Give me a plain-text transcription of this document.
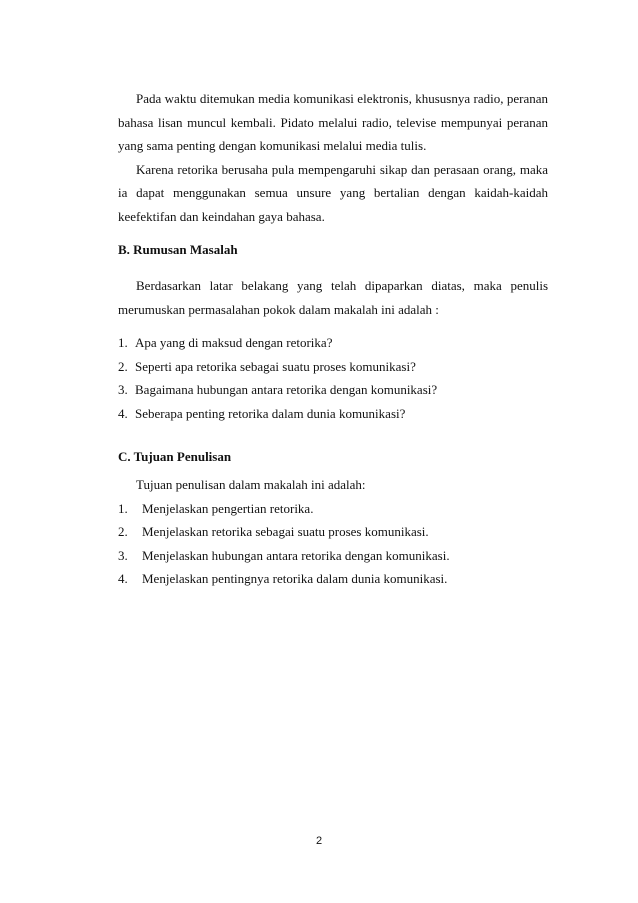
Pada waktu ditemukan media komunikasi elektronis, khususnya radio, peranan bahasa lisan muncul kembali. Pidato melalui radio, televise mempunyai peranan yang sama penting dengan komunikasi melalui media tulis.

Karena retorika berusaha pula mempengaruhi sikap dan perasaan orang, maka ia dapat menggunakan semua unsure yang bertalian dengan kaidah-kaidah keefektifan dan keindahan gaya bahasa.

B. Rumusan Masalah

Berdasarkan latar belakang yang telah dipaparkan diatas, maka penulis merumuskan permasalahan pokok dalam makalah ini adalah :

1. Apa yang di maksud dengan retorika?
2. Seperti apa retorika sebagai suatu proses komunikasi?
3. Bagaimana hubungan antara retorika dengan komunikasi?
4. Seberapa penting retorika dalam dunia komunikasi?

C. Tujuan Penulisan

Tujuan penulisan dalam makalah ini adalah:

1. Menjelaskan pengertian retorika.
2. Menjelaskan retorika sebagai suatu proses komunikasi.
3. Menjelaskan hubungan antara retorika dengan komunikasi.
4. Menjelaskan pentingnya retorika dalam dunia komunikasi.
2
